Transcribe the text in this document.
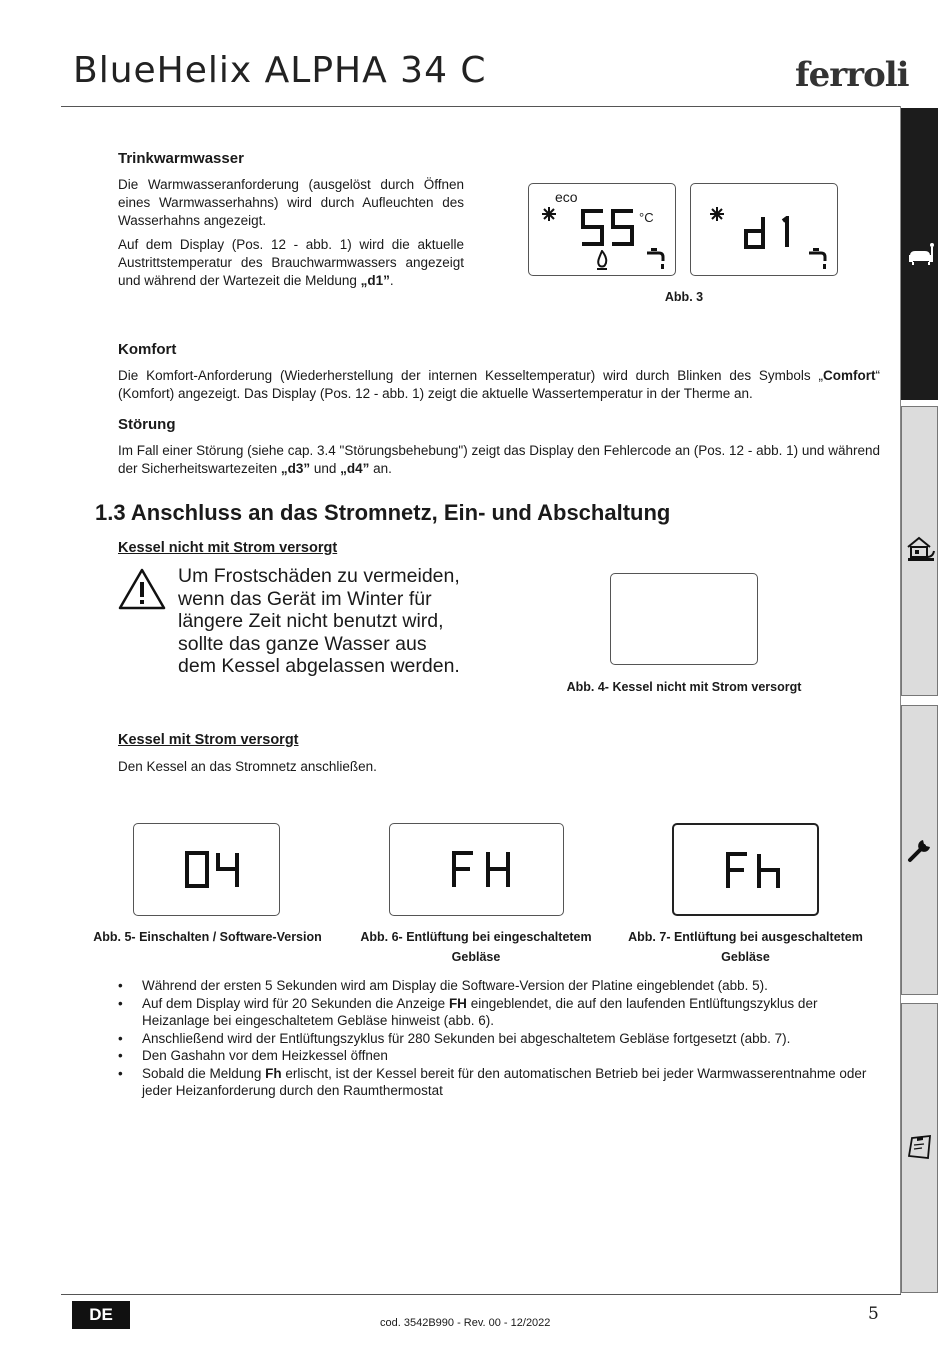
BlueHelix ALPHA 34 C	ferroli
Trinkwarmwasser

Die Warmwasseranforderung (ausgelöst durch Öffnen eines Warmwasserhahns) wird durch Aufleuchten des Wasserhahns angezeigt.

Auf dem Display (Pos. 12 - abb. 1) wird die aktuelle Austrittstemperatur des Brauchwarmwassers angezeigt und während der Wartezeit die Meldung „d1”.

eco
°C
Abb. 3
Komfort

Die Komfort-Anforderung (Wiederherstellung der internen Kesseltemperatur) wird durch Blinken des Symbols „Comfort“ (Komfort) angezeigt. Das Display (Pos. 12 - abb. 1) zeigt die aktuelle Wassertemperatur in der Therme an.

Störung

Im Fall einer Störung (siehe cap. 3.4 "Störungsbehebung") zeigt das Display den Fehlercode an (Pos. 12 - abb. 1) und während der Sicherheitswartezeiten „d3” und „d4” an.

1.3 Anschluss an das Stromnetz, Ein- und Abschaltung
Kessel nicht mit Strom versorgt
Um Frostschäden zu vermeiden, wenn das Gerät im Winter für längere Zeit nicht benutzt wird, sollte das ganze Wasser aus dem Kessel abgelassen werden.
Abb. 4- Kessel nicht mit Strom versorgt
Kessel mit Strom versorgt

Den Kessel an das Stromnetz anschließen.

Abb. 5- Einschalten / Software-Version	Abb. 6- Entlüftung bei eingeschaltetem Gebläse
Abb. 7- Entlüftung bei ausgeschaltetem Gebläse
• Während der ersten 5 Sekunden wird am Display die Software-Version der Platine eingeblendet (abb. 5).
• Auf dem Display wird für 20 Sekunden die Anzeige FH eingeblendet, die auf den laufenden Entlüftungszyklus der Heizanlage bei eingeschaltetem Gebläse hinweist (abb. 6).
• Anschließend wird der Entlüftungszyklus für 280 Sekunden bei abgeschaltetem Gebläse fortgesetzt (abb. 7).
• Den Gashahn vor dem Heizkessel öffnen
• Sobald die Meldung Fh erlischt, ist der Kessel bereit für den automatischen Betrieb bei jeder Warmwasserentnahme oder jeder Heizanforderung durch den Raumthermostat
DE	cod. 3542B990 - Rev. 00 - 12/2022	5
